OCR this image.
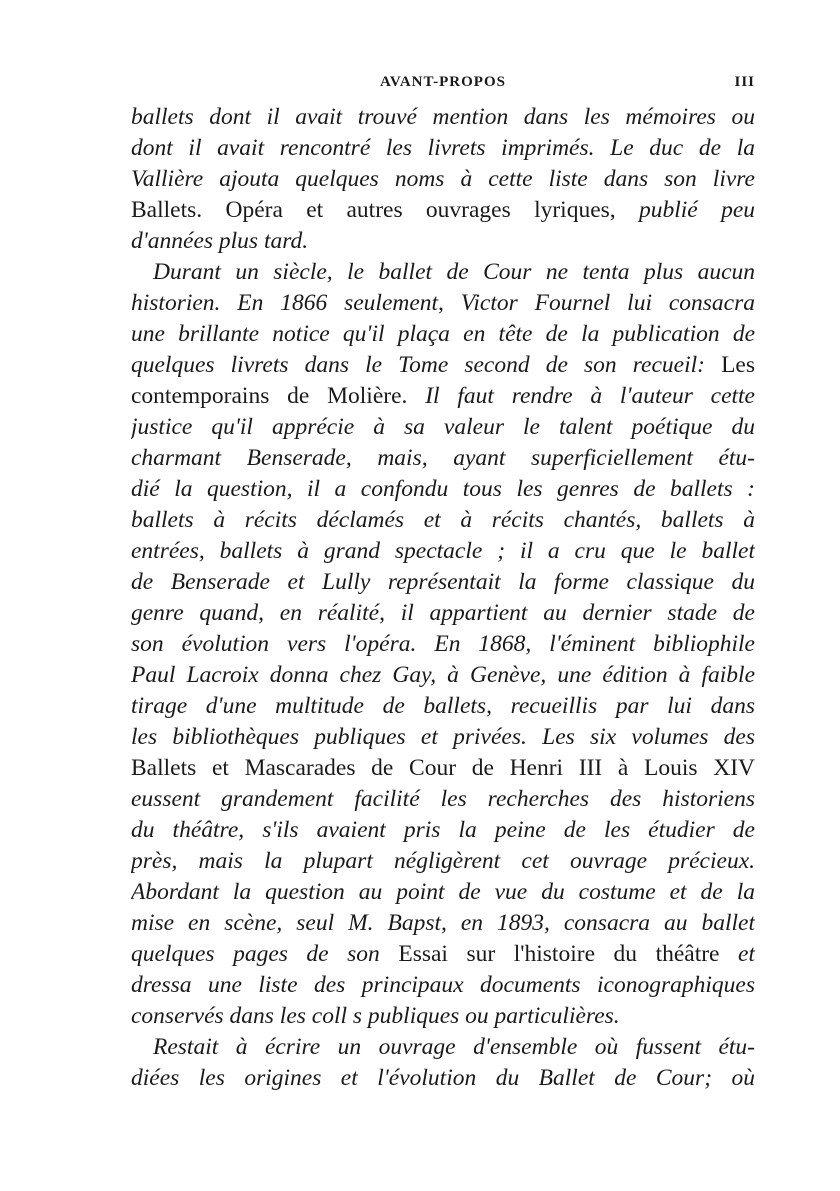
AVANT-PROPOS	III
ballets dont il avait trouvé mention dans les mémoires ou
dont il avait rencontré les livrets imprimés. Le duc de la
Vallière ajouta quelques noms à cette liste dans son livre
Ballets. Opéra et autres ouvrages lyriques, publié peu
d'années plus tard.
Durant un siècle, le ballet de Cour ne tenta plus aucun
historien. En 1866 seulement, Victor Fournel lui consacra
une brillante notice qu'il plaça en tête de la publication de
quelques livrets dans le Tome second de son recueil: Les
contemporains de Molière. Il faut rendre à l'auteur cette
justice qu'il apprécie à sa valeur le talent poétique du
charmant Benserade, mais, ayant superficiellement étu-
dié la question, il a confondu tous les genres de ballets :
ballets à récits déclamés et à récits chantés, ballets à
entrées, ballets à grand spectacle ; il a cru que le ballet
de Benserade et Lully représentait la forme classique du
genre quand, en réalité, il appartient au dernier stade de
son évolution vers l'opéra. En 1868, l'éminent bibliophile
Paul Lacroix donna chez Gay, à Genève, une édition à faible
tirage d'une multitude de ballets, recueillis par lui dans
les bibliothèques publiques et privées. Les six volumes des
Ballets et Mascarades de Cour de Henri III à Louis XIV
eussent grandement facilité les recherches des historiens
du théâtre, s'ils avaient pris la peine de les étudier de
près, mais la plupart négligèrent cet ouvrage précieux.
Abordant la question au point de vue du costume et de la
mise en scène, seul M. Bapst, en 1893, consacra au ballet
quelques pages de son Essai sur l'histoire du théâtre et
dressa une liste des principaux documents iconographiques
conservés dans les coll s publiques ou particulières.
Restait à écrire un ouvrage d'ensemble où fussent étu-
diées les origines et l'évolution du Ballet de Cour; où
